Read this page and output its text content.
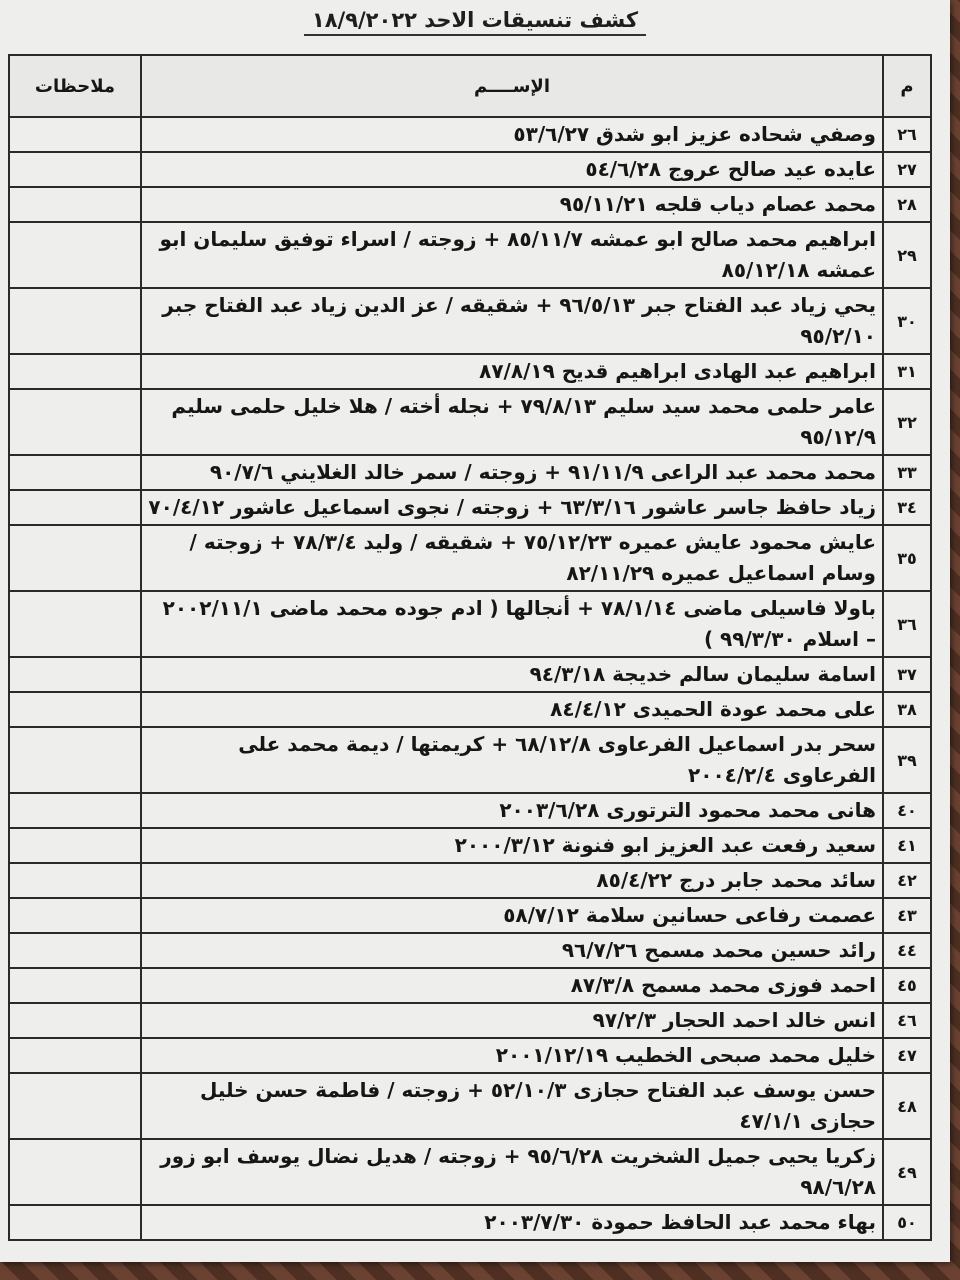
كشف تنسيقات الاحد ١٨/٩/٢٠٢٢
م	الإســــم	ملاحظات
٢٦	وصفي شحاده عزيز ابو شدق ٥٣/٦/٢٧	
٢٧	عايده عيد صالح عروج ٥٤/٦/٢٨	
٢٨	محمد عصام دياب قلجه ٩٥/١١/٢١	
٢٩	ابراهيم محمد صالح ابو عمشه ٨٥/١١/٧ + زوجته / اسراء توفيق سليمان ابو عمشه ٨٥/١٢/١٨	
٣٠	يحي زياد عبد الفتاح جبر ٩٦/٥/١٣ + شقيقه / عز الدين زياد عبد الفتاح جبر ٩٥/٢/١٠	
٣١	ابراهيم عبد الهادى ابراهيم قديح ٨٧/٨/١٩	
٣٢	عامر حلمى محمد سيد سليم ٧٩/٨/١٣ + نجله أخته / هلا خليل حلمى سليم ٩٥/١٢/٩	
٣٣	محمد محمد عبد الراعى ٩١/١١/٩ + زوجته / سمر خالد الغلايني ٩٠/٧/٦	
٣٤	زياد حافظ جاسر عاشور ٦٣/٣/١٦ + زوجته / نجوى اسماعيل عاشور ٧٠/٤/١٢	
٣٥	عايش محمود عايش عميره ٧٥/١٢/٢٣ + شقيقه / وليد ٧٨/٣/٤ + زوجته / وسام اسماعيل عميره ٨٢/١١/٢٩	
٣٦	باولا فاسيلى ماضى ٧٨/١/١٤ + أنجالها ( ادم جوده محمد ماضى ٢٠٠٢/١١/١ – اسلام ٩٩/٣/٣٠ )	
٣٧	اسامة سليمان سالم خديجة ٩٤/٣/١٨	
٣٨	على محمد عودة الحميدى ٨٤/٤/١٢	
٣٩	سحر بدر اسماعيل الفرعاوى ٦٨/١٢/٨ + كريمتها / ديمة محمد على الفرعاوى ٢٠٠٤/٢/٤	
٤٠	هانى محمد محمود الترتورى ٢٠٠٣/٦/٢٨	
٤١	سعيد رفعت عبد العزيز ابو فنونة ٢٠٠٠/٣/١٢	
٤٢	سائد محمد جابر درج ٨٥/٤/٢٢	
٤٣	عصمت رفاعى حسانين سلامة ٥٨/٧/١٢	
٤٤	رائد حسين محمد مسمح ٩٦/٧/٢٦	
٤٥	احمد فوزى محمد مسمح ٨٧/٣/٨	
٤٦	انس خالد احمد الحجار ٩٧/٢/٣	
٤٧	خليل محمد صبحى الخطيب ٢٠٠١/١٢/١٩	
٤٨	حسن يوسف عبد الفتاح حجازى ٥٢/١٠/٣ + زوجته / فاطمة حسن خليل حجازى ٤٧/١/١	
٤٩	زكريا يحيى جميل الشخريت ٩٥/٦/٢٨ + زوجته / هديل نضال يوسف ابو زور ٩٨/٦/٢٨	
٥٠	بهاء محمد عبد الحافظ حمودة ٢٠٠٣/٧/٣٠	
